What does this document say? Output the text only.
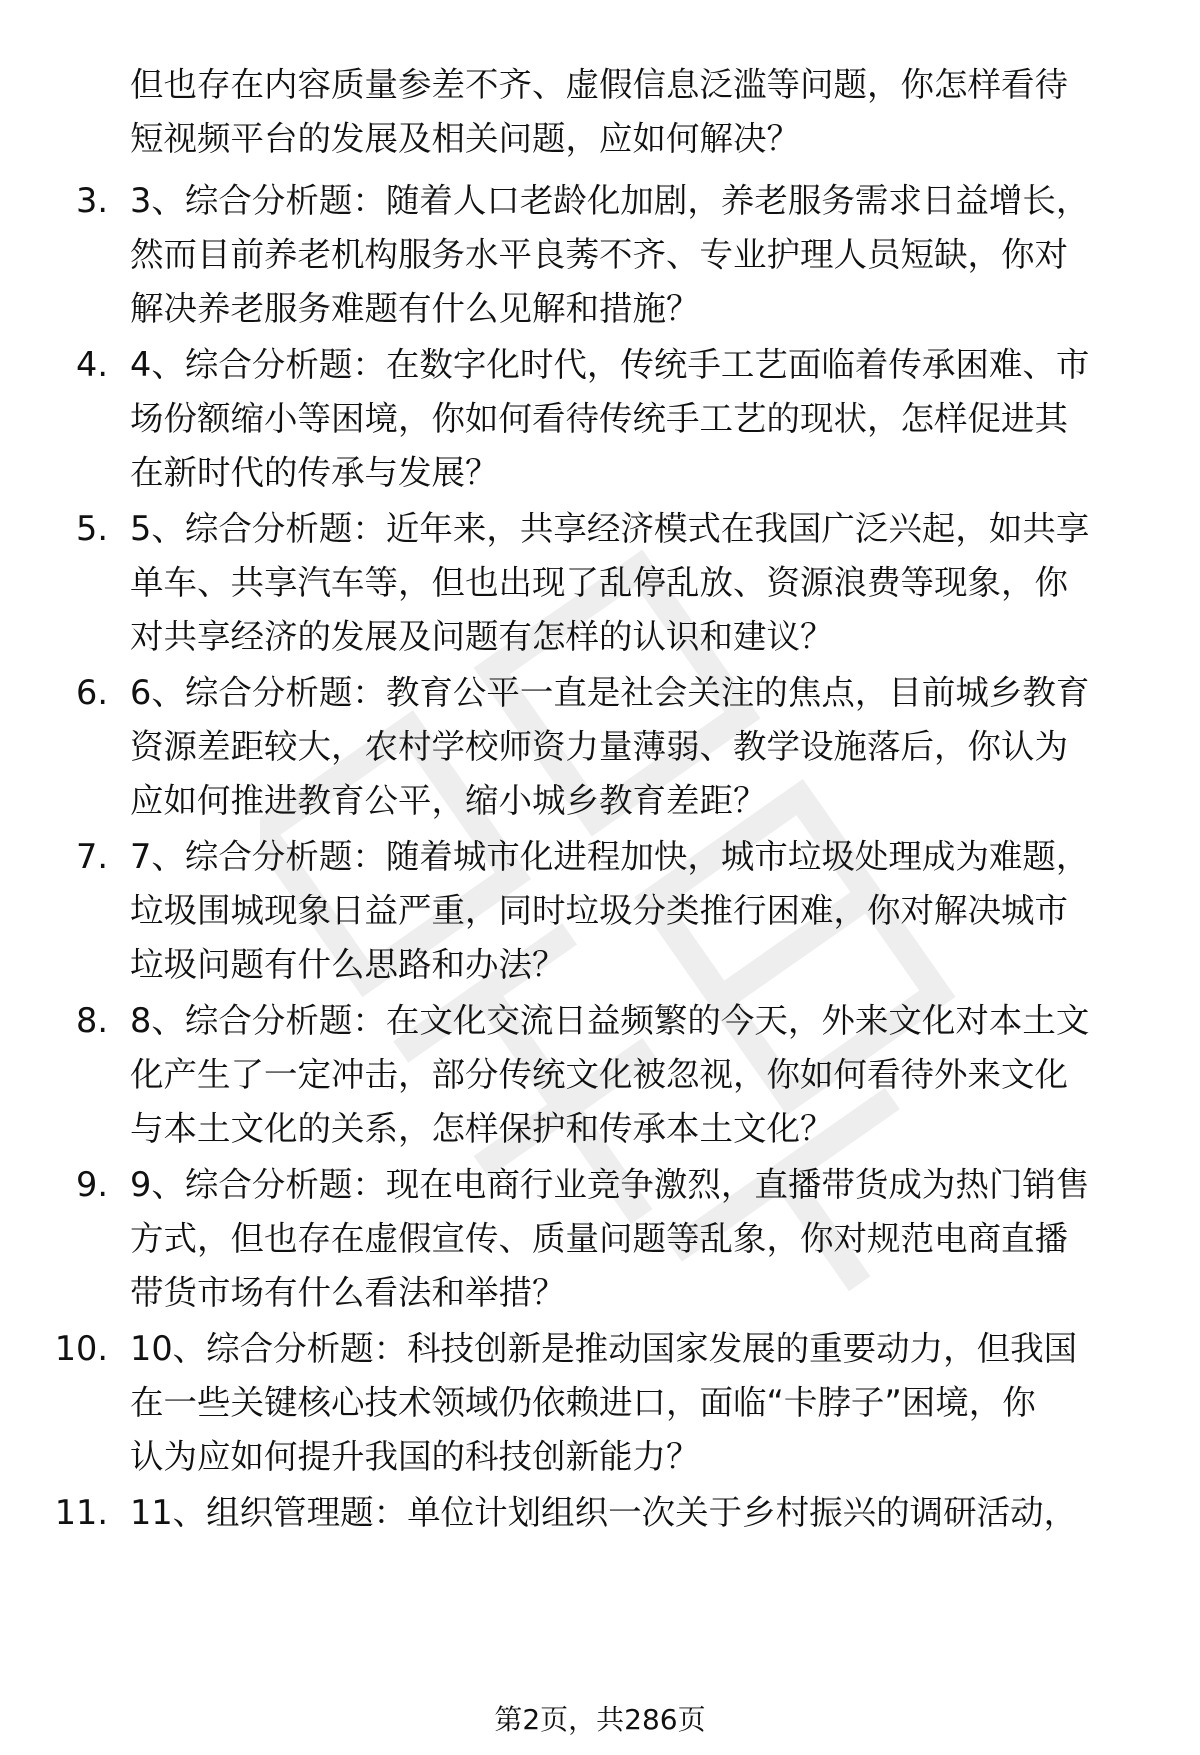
但也存在内容质量参差不齐、虚假信息泛滥等问题，你怎样看待
短视频平台的发展及相关问题，应如何解决？
3. 3、综合分析题：随着人口老龄化加剧，养老服务需求日益增长，
然而目前养老机构服务水平良莠不齐、专业护理人员短缺，你对
解决养老服务难题有什么见解和措施？
4. 4、综合分析题：在数字化时代，传统手工艺面临着传承困难、市
场份额缩小等困境，你如何看待传统手工艺的现状，怎样促进其
在新时代的传承与发展？
5. 5、综合分析题：近年来，共享经济模式在我国广泛兴起，如共享
单车、共享汽车等，但也出现了乱停乱放、资源浪费等现象，你
对共享经济的发展及问题有怎样的认识和建议？
6. 6、综合分析题：教育公平一直是社会关注的焦点，目前城乡教育
资源差距较大，农村学校师资力量薄弱、教学设施落后，你认为
应如何推进教育公平，缩小城乡教育差距？
7. 7、综合分析题：随着城市化进程加快，城市垃圾处理成为难题，
垃圾围城现象日益严重，同时垃圾分类推行困难，你对解决城市
垃圾问题有什么思路和办法？
8. 8、综合分析题：在文化交流日益频繁的今天，外来文化对本土文
化产生了一定冲击，部分传统文化被忽视，你如何看待外来文化
与本土文化的关系，怎样保护和传承本土文化？
9. 9、综合分析题：现在电商行业竞争激烈，直播带货成为热门销售
方式，但也存在虚假宣传、质量问题等乱象，你对规范电商直播
带货市场有什么看法和举措？
10. 10、综合分析题：科技创新是推动国家发展的重要动力，但我国
在一些关键核心技术领域仍依赖进口，面临“卡脖子”困境，你
认为应如何提升我国的科技创新能力？
11. 11、组织管理题：单位计划组织一次关于乡村振兴的调研活动，
第2页，共286页
